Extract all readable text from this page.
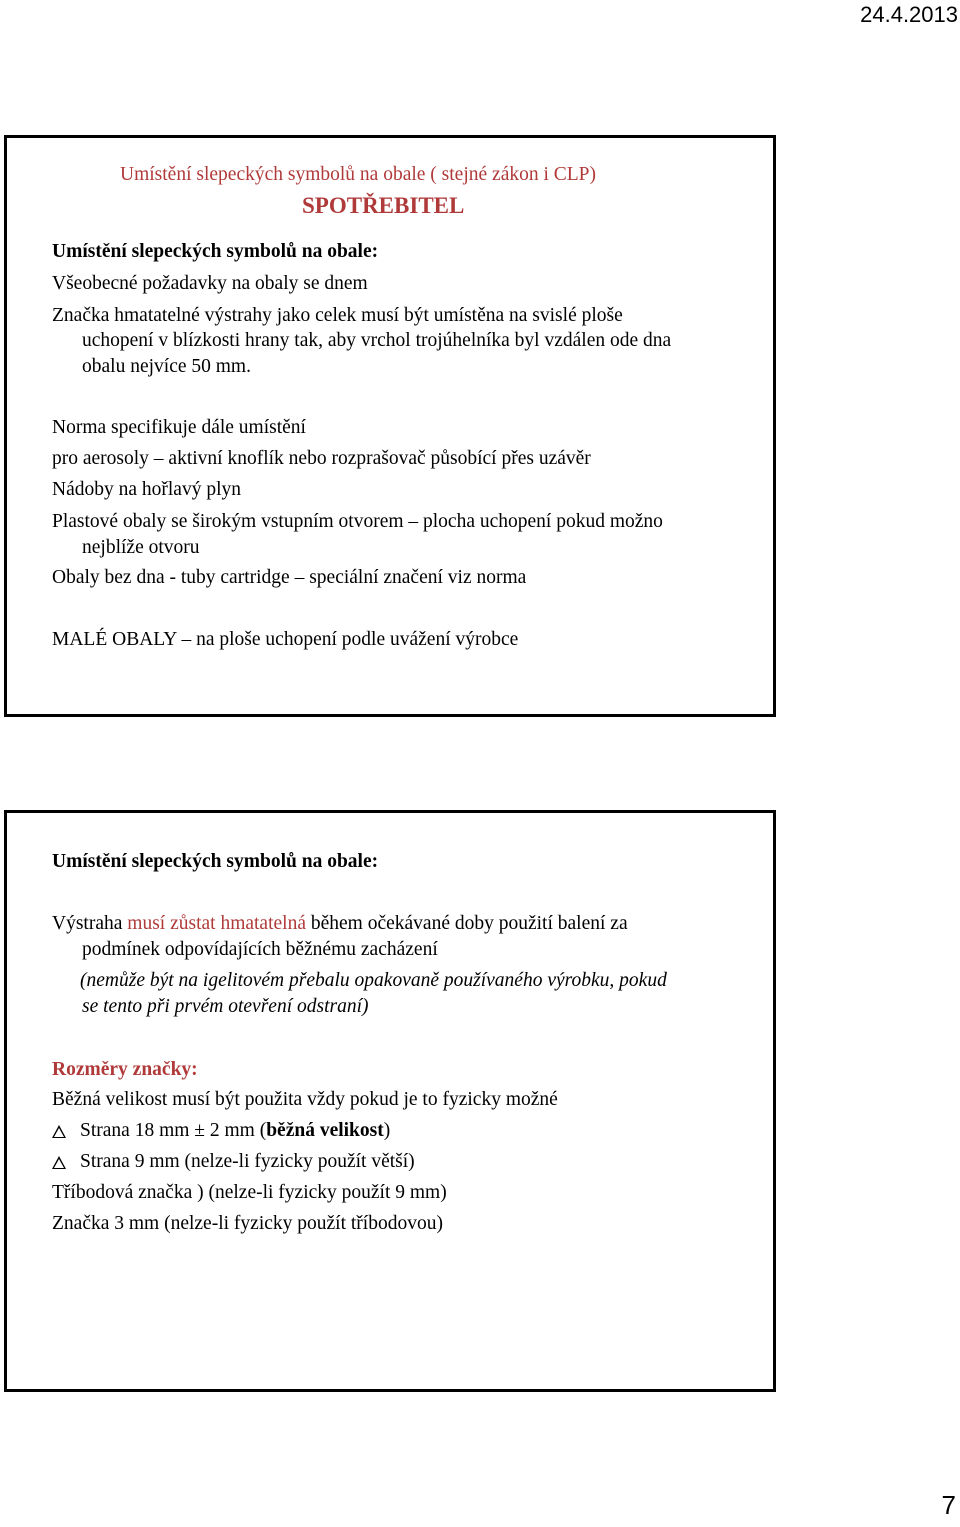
24.4.2013
Umístění slepeckých symbolů na obale ( stejné zákon i CLP)
SPOTŘEBITEL
Umístění slepeckých symbolů na obale:
Všeobecné požadavky na obaly se dnem
Značka hmatatelné výstrahy jako celek musí být umístěna na svislé ploše
uchopení v blízkosti hrany tak, aby vrchol trojúhelníka byl vzdálen ode dna
obalu nejvíce 50 mm.
Norma specifikuje dále umístění
pro aerosoly – aktivní knoflík nebo rozprašovač působící přes uzávěr
Nádoby na hořlavý plyn
Plastové obaly se širokým vstupním otvorem – plocha uchopení pokud možno
nejblíže otvoru
Obaly bez dna - tuby cartridge – speciální značení viz norma
MALÉ OBALY – na ploše uchopení podle uvážení výrobce
Umístění slepeckých symbolů na obale:
Výstraha musí zůstat hmatatelná během očekávané doby použití balení za
podmínek odpovídajících běžnému zacházení
(nemůže být na igelitovém přebalu opakovaně používaného výrobku, pokud
se tento při prvém otevření odstraní)
Rozměry značky:
Běžná velikost musí být použita vždy pokud je to fyzicky možné
Strana 18 mm ± 2 mm (běžná velikost)
Strana 9 mm (nelze-li fyzicky použít větší)
Tříbodová značka ) (nelze-li fyzicky použít 9 mm)
Značka 3 mm (nelze-li fyzicky použít tříbodovou)
7
